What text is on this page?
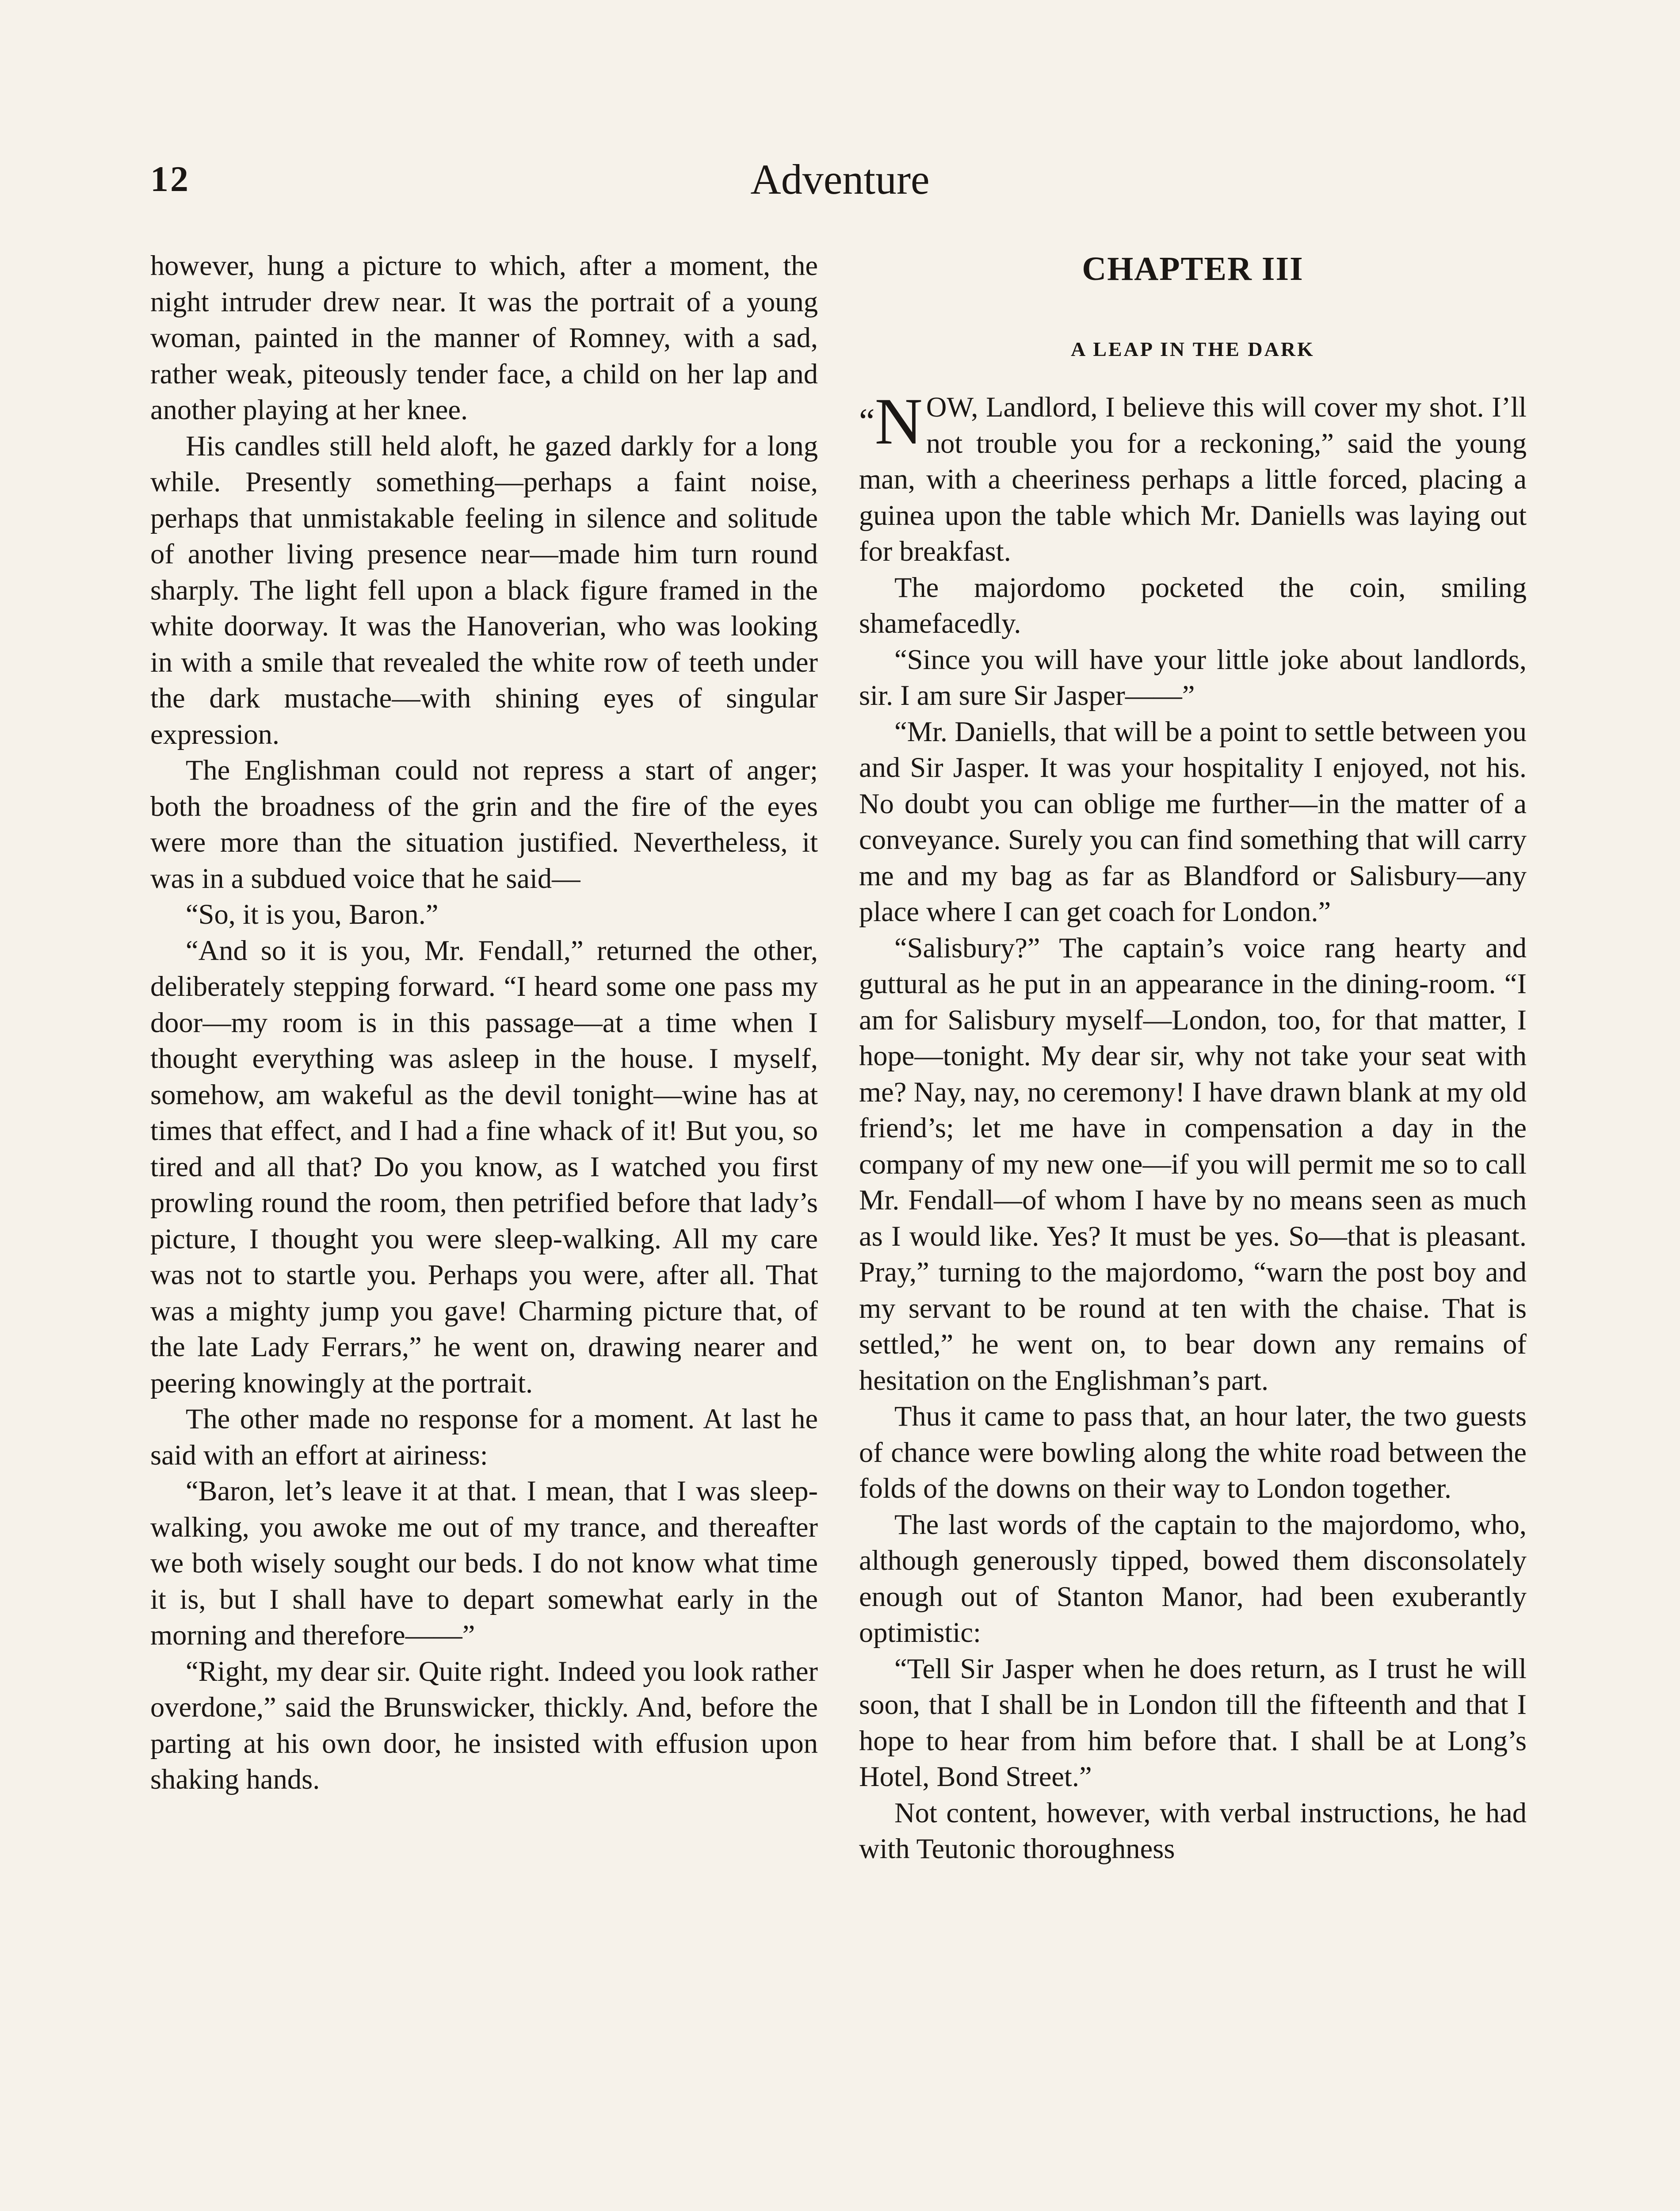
12	Adventure

however, hung a picture to which, after a moment, the night intruder drew near. It was the portrait of a young woman, painted in the manner of Romney, with a sad, rather weak, piteously tender face, a child on her lap and another playing at her knee.

His candles still held aloft, he gazed darkly for a long while. Presently something—perhaps a faint noise, perhaps that unmistakable feeling in silence and solitude of another living presence near—made him turn round sharply. The light fell upon a black figure framed in the white doorway. It was the Hanoverian, who was looking in with a smile that revealed the white row of teeth under the dark mustache—with shining eyes of singular expression.

The Englishman could not repress a start of anger; both the broadness of the grin and the fire of the eyes were more than the situation justified. Nevertheless, it was in a subdued voice that he said—

“So, it is you, Baron.”

“And so it is you, Mr. Fendall,” returned the other, deliberately stepping forward. “I heard some one pass my door—my room is in this passage—at a time when I thought everything was asleep in the house. I myself, somehow, am wakeful as the devil tonight—wine has at times that effect, and I had a fine whack of it! But you, so tired and all that? Do you know, as I watched you first prowling round the room, then petrified before that lady’s picture, I thought you were sleep-walking. All my care was not to startle you. Perhaps you were, after all. That was a mighty jump you gave! Charming picture that, of the late Lady Ferrars,” he went on, drawing nearer and peering knowingly at the portrait.

The other made no response for a moment. At last he said with an effort at airiness:

“Baron, let’s leave it at that. I mean, that I was sleep-walking, you awoke me out of my trance, and thereafter we both wisely sought our beds. I do not know what time it is, but I shall have to depart somewhat early in the morning and therefore——”

“Right, my dear sir. Quite right. Indeed you look rather overdone,” said the Brunswicker, thickly. And, before the parting at his own door, he insisted with effusion upon shaking hands.

CHAPTER III
A LEAP IN THE DARK

“N OW, Landlord, I believe this will cover my shot. I’ll not trouble you for a reckoning,” said the young man, with a cheeriness perhaps a little forced, placing a guinea upon the table which Mr. Daniells was laying out for breakfast.

The majordomo pocketed the coin, smiling shamefacedly.

“Since you will have your little joke about landlords, sir. I am sure Sir Jasper——”

“Mr. Daniells, that will be a point to settle between you and Sir Jasper. It was your hospitality I enjoyed, not his. No doubt you can oblige me further—in the matter of a conveyance. Surely you can find something that will carry me and my bag as far as Blandford or Salisbury—any place where I can get coach for London.”

“Salisbury?” The captain’s voice rang hearty and guttural as he put in an appearance in the dining-room. “I am for Salisbury myself—London, too, for that matter, I hope—tonight. My dear sir, why not take your seat with me? Nay, nay, no ceremony! I have drawn blank at my old friend’s; let me have in compensation a day in the company of my new one—if you will permit me so to call Mr. Fendall—of whom I have by no means seen as much as I would like. Yes? It must be yes. So—that is pleasant. Pray,” turning to the majordomo, “warn the post boy and my servant to be round at ten with the chaise. That is settled,” he went on, to bear down any remains of hesitation on the Englishman’s part.

Thus it came to pass that, an hour later, the two guests of chance were bowling along the white road between the folds of the downs on their way to London together.

The last words of the captain to the majordomo, who, although generously tipped, bowed them disconsolately enough out of Stanton Manor, had been exuberantly optimistic:

“Tell Sir Jasper when he does return, as I trust he will soon, that I shall be in London till the fifteenth and that I hope to hear from him before that. I shall be at Long’s Hotel, Bond Street.”

Not content, however, with verbal instructions, he had with Teutonic thoroughness
